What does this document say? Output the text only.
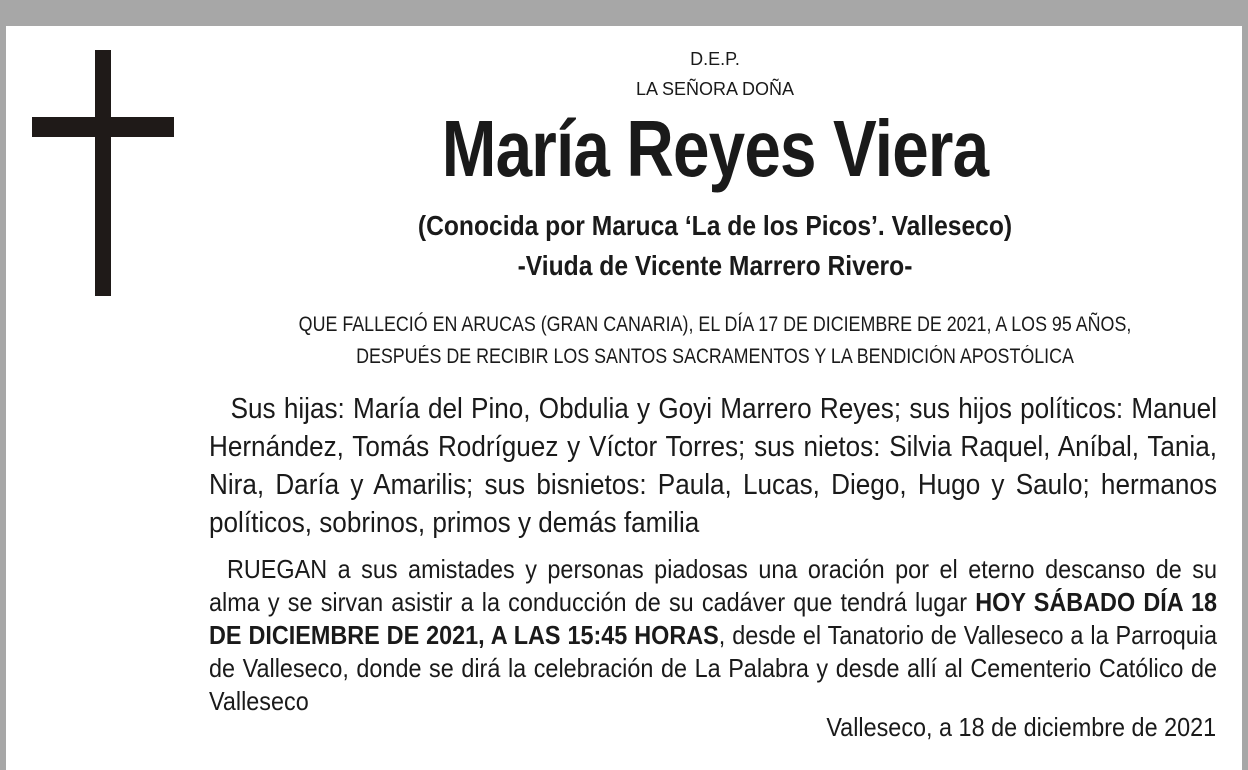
D.E.P.
LA SEÑORA DOÑA
María Reyes Viera
(Conocida por Maruca ‘La de los Picos’. Valleseco)
-Viuda de Vicente Marrero Rivero-
QUE FALLECIÓ EN ARUCAS (GRAN CANARIA), EL DÍA 17 DE DICIEMBRE DE 2021, A LOS 95 AÑOS,
DESPUÉS DE RECIBIR LOS SANTOS SACRAMENTOS Y LA BENDICIÓN APOSTÓLICA

Sus hijas: María del Pino, Obdulia y Goyi Marrero Reyes; sus hijos políticos: Manuel Hernández, Tomás Rodríguez y Víctor Torres; sus nietos: Silvia Raquel, Aníbal, Tania, Nira, Daría y Amarilis; sus bisnietos: Paula, Lucas, Diego, Hugo y Saulo; hermanos políticos, sobrinos, primos y demás familia

RUEGAN a sus amistades y personas piadosas una oración por el eterno descanso de su alma y se sirvan asistir a la conducción de su cadáver que tendrá lugar HOY SÁBADO DÍA 18 DE DICIEMBRE DE 2021, A LAS 15:45 HORAS, desde el Tanatorio de Valleseco a la Parroquia de Valleseco, donde se dirá la celebración de La Palabra y desde allí al Cementerio Católico de Valleseco

Valleseco, a 18 de diciembre de 2021
